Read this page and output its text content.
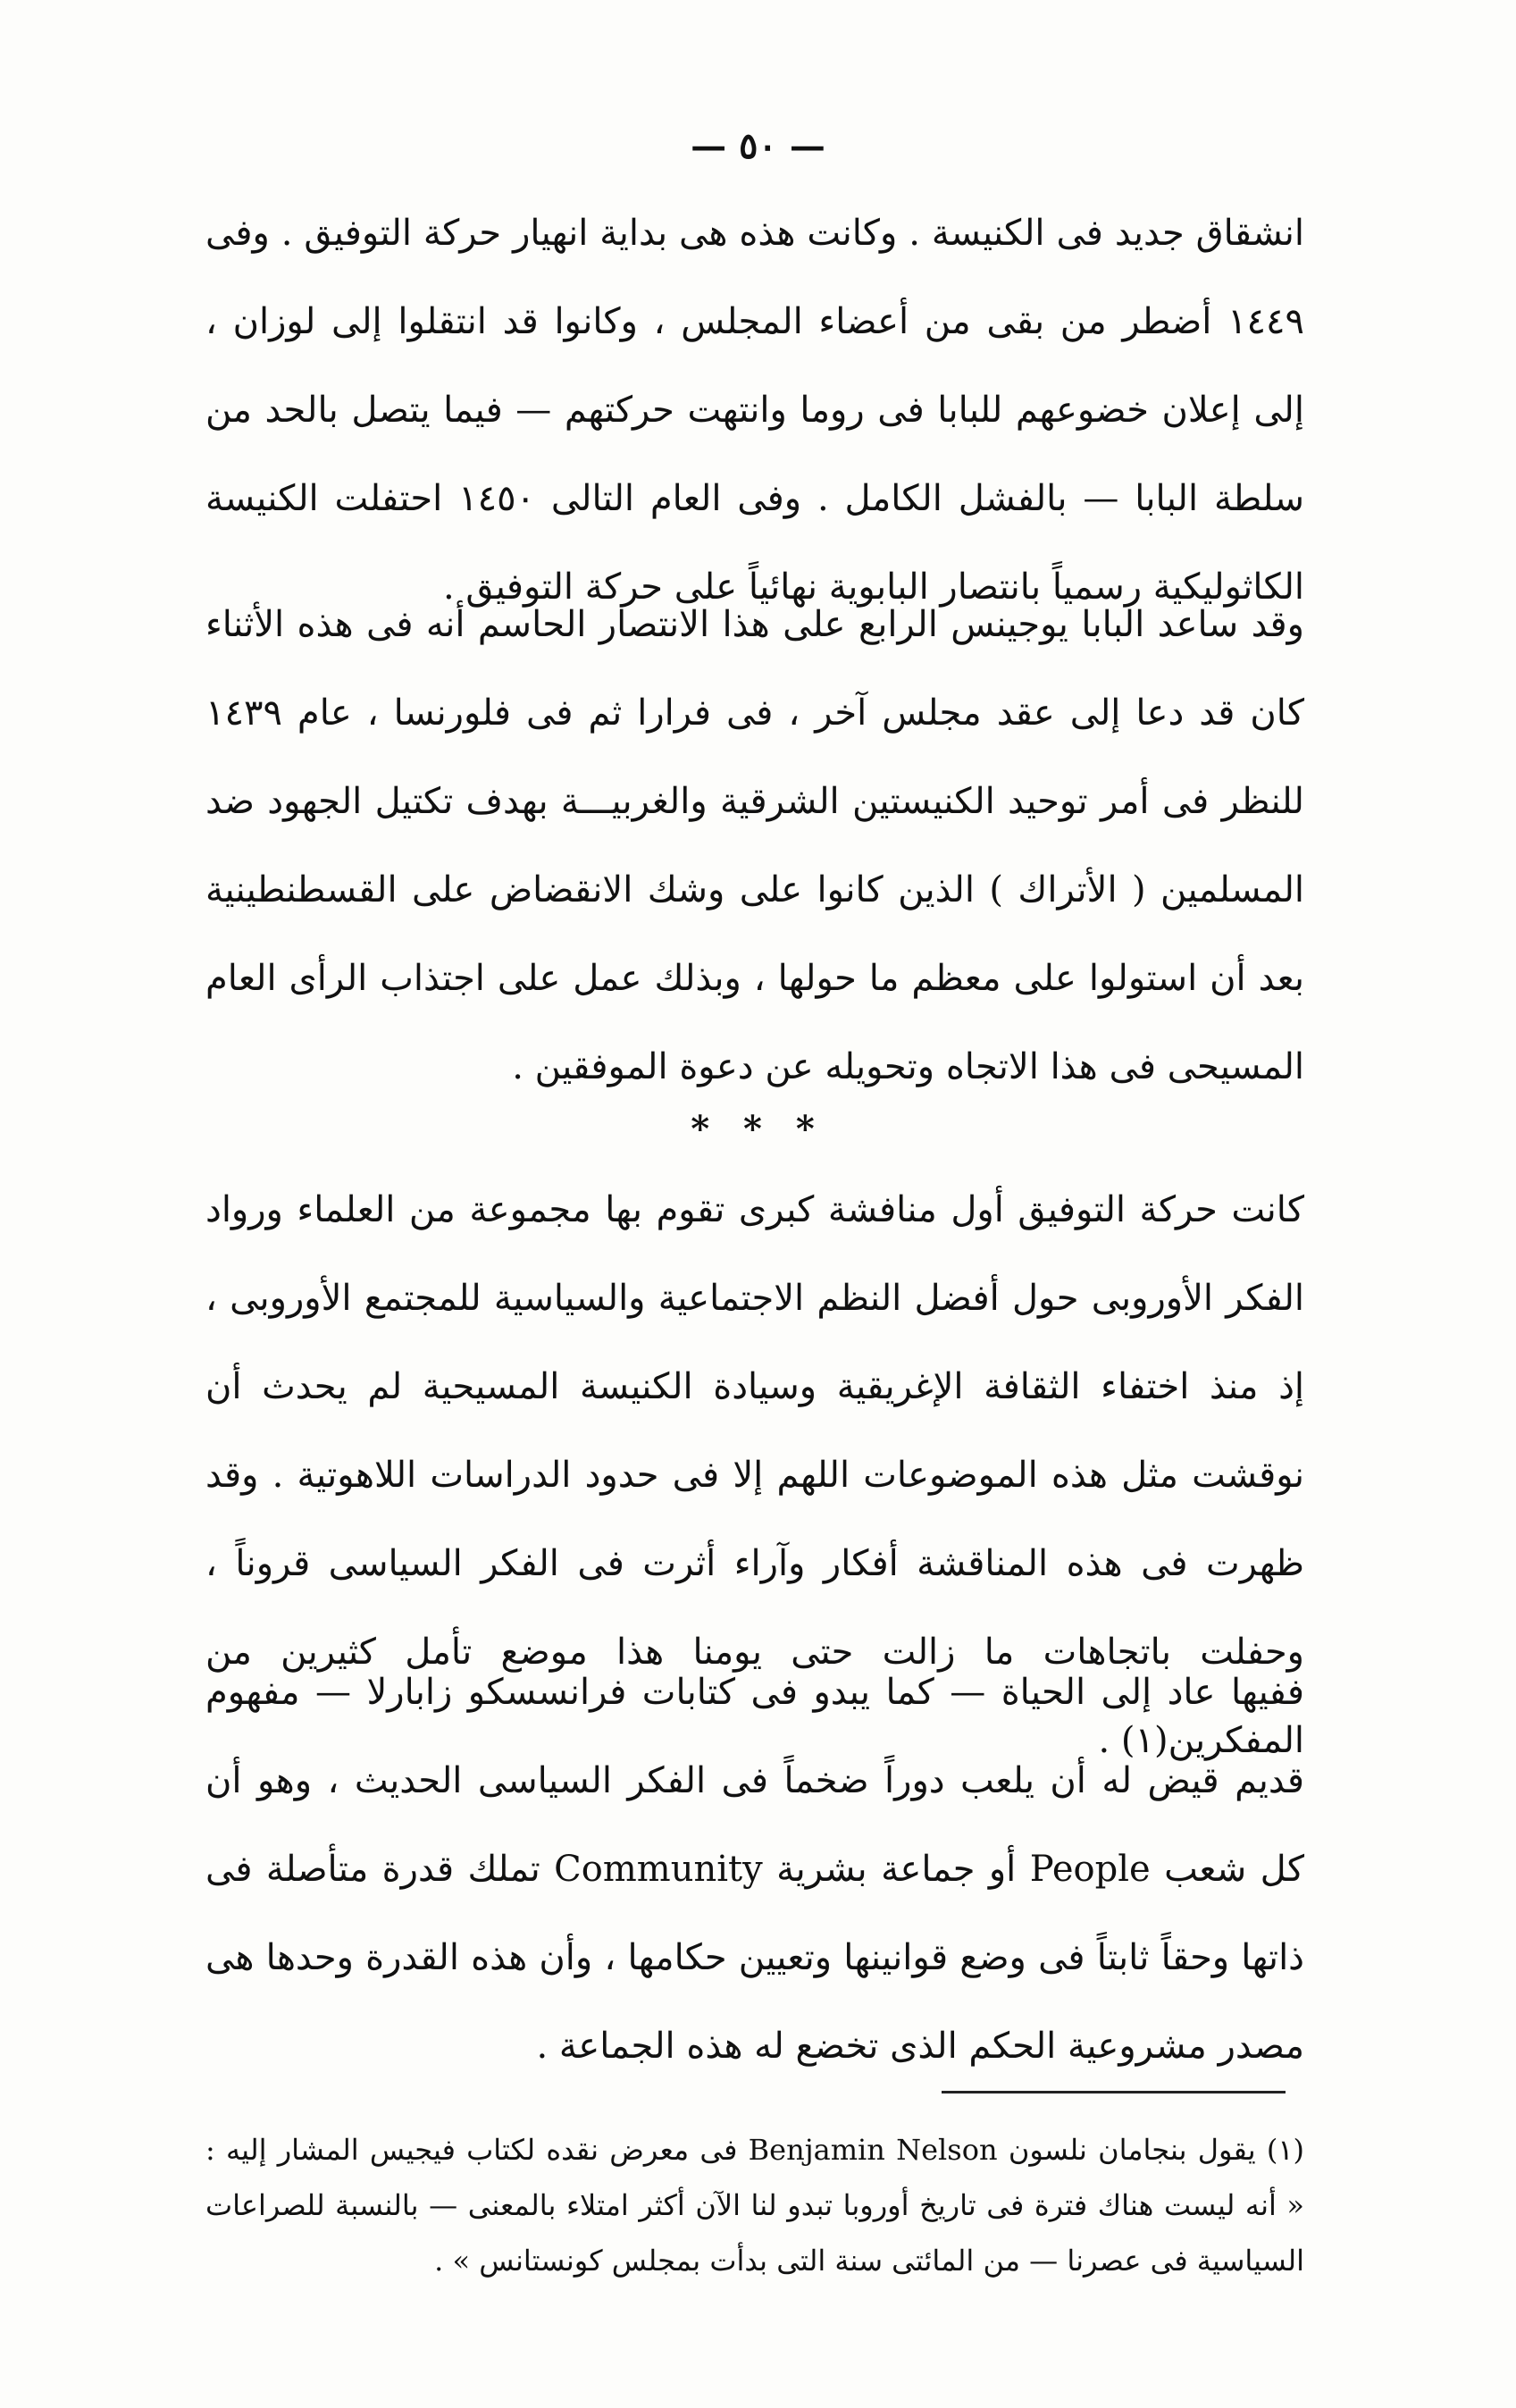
— ٥٠ —

انشقاق جديد فى الكنيسة . وكانت هذه هى بداية انهيار حركة التوفيق . وفى ١٤٤٩ أضطر من بقى من أعضاء المجلس ، وكانوا قد انتقلوا إلى لوزان ، إلى إعلان خضوعهم للبابا فى روما وانتهت حركتهم — فيما يتصل بالحد من سلطة البابا — بالفشل الكامل . وفى العام التالى ١٤٥٠ احتفلت الكنيسة الكاثوليكية رسمياً بانتصار البابوية نهائياً على حركة التوفيق .

وقد ساعد البابا يوجينس الرابع على هذا الانتصار الحاسم أنه فى هذه الأثناء كان قد دعا إلى عقد مجلس آخر ، فى فرارا ثم فى فلورنسا ، عام ١٤٣٩ للنظر فى أمر توحيد الكنيستين الشرقية والغربيـــة بهدف تكتيل الجهود ضد المسلمين ( الأتراك ) الذين كانوا على وشك الانقضاض على القسطنطينية بعد أن استولوا على معظم ما حولها ، وبذلك عمل على اجتذاب الرأى العام المسيحى فى هذا الاتجاه وتحويله عن دعوة الموفقين .

* * *

كانت حركة التوفيق أول منافشة كبرى تقوم بها مجموعة من العلماء ورواد الفكر الأوروبى حول أفضل النظم الاجتماعية والسياسية للمجتمع الأوروبى ، إذ منذ اختفاء الثقافة الإغريقية وسيادة الكنيسة المسيحية لم يحدث أن نوقشت مثل هذه الموضوعات اللهم إلا فى حدود الدراسات اللاهوتية . وقد ظهرت فى هذه المناقشة أفكار وآراء أثرت فى الفكر السياسى قروناً ، وحفلت باتجاهات ما زالت حتى يومنا هذا موضع تأمل كثيرين من المفكرين(١) .

ففيها عاد إلى الحياة — كما يبدو فى كتابات فرانسسكو زابارلا — مفهوم قديم قيض له أن يلعب دوراً ضخماً فى الفكر السياسى الحديث ، وهو أن كل شعب People أو جماعة بشرية Community تملك قدرة متأصلة فى ذاتها وحقاً ثابتاً فى وضع قوانينها وتعيين حكامها ، وأن هذه القدرة وحدها هى مصدر مشروعية الحكم الذى تخضع له هذه الجماعة .

(١) يقول بنجامان نلسون Benjamin Nelson فى معرض نقده لكتاب فيجيس المشار إليه : « أنه ليست هناك فترة فى تاريخ أوروبا تبدو لنا الآن أكثر امتلاء بالمعنى — بالنسبة للصراعات السياسية فى عصرنا — من المائتى سنة التى بدأت بمجلس كونستانس » .
